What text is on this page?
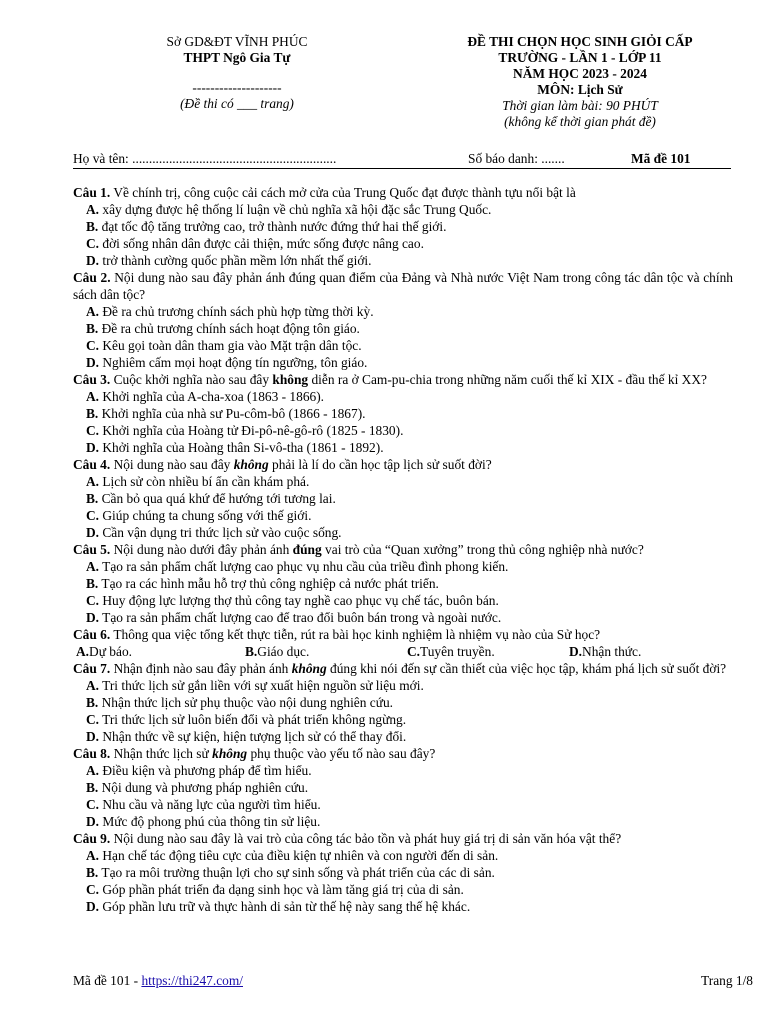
Sở GD&ĐT VĨNH PHÚC
THPT Ngô Gia Tự
--------------------
(Đề thi có ___ trang)
ĐỀ THI CHỌN HỌC SINH GIỎI CẤP
TRƯỜNG - LẦN 1 - LỚP 11
NĂM HỌC 2023 - 2024
MÔN: Lịch Sử
Thời gian làm bài: 90 PHÚT
(không kể thời gian phát đề)
Họ và tên: .............................................................	Số báo danh: .......	Mã đề 101
Câu 1. Về chính trị, công cuộc cải cách mở cửa của Trung Quốc đạt được thành tựu nổi bật là
A. xây dựng được hệ thống lí luận về chủ nghĩa xã hội đặc sắc Trung Quốc.
B. đạt tốc độ tăng trưởng cao, trở thành nước đứng thứ hai thế giới.
C. đời sống nhân dân được cải thiện, mức sống được nâng cao.
D. trở thành cường quốc phần mềm lớn nhất thế giới.
Câu 2. Nội dung nào sau đây phản ánh đúng quan điểm của Đảng và Nhà nước Việt Nam trong công tác dân tộc và chính sách dân tộc?
A. Đề ra chủ trương chính sách phù hợp từng thời kỳ.
B. Đề ra chủ trương chính sách hoạt động tôn giáo.
C. Kêu gọi toàn dân tham gia vào Mặt trận dân tộc.
D. Nghiêm cấm mọi hoạt động tín ngưỡng, tôn giáo.
Câu 3. Cuộc khởi nghĩa nào sau đây không diễn ra ở Cam-pu-chia trong những năm cuối thế kỉ XIX - đầu thế kỉ XX?
A. Khởi nghĩa của A-cha-xoa (1863 - 1866).
B. Khởi nghĩa của nhà sư Pu-côm-bô (1866 - 1867).
C. Khởi nghĩa của Hoàng tử Đi-pô-nê-gô-rô (1825 - 1830).
D. Khởi nghĩa của Hoàng thân Si-vô-tha (1861 - 1892).
Câu 4. Nội dung nào sau đây không phải là lí do cần học tập lịch sử suốt đời?
A. Lịch sử còn nhiều bí ẩn cần khám phá.
B. Cần bỏ qua quá khứ để hướng tới tương lai.
C. Giúp chúng ta chung sống với thế giới.
D. Cần vận dụng tri thức lịch sử vào cuộc sống.
Câu 5. Nội dung nào dưới đây phản ánh đúng vai trò của “Quan xưởng” trong thủ công nghiệp nhà nước?
A. Tạo ra sản phẩm chất lượng cao phục vụ nhu cầu của triều đình phong kiến.
B. Tạo ra các hình mẫu hỗ trợ thủ công nghiệp cả nước phát triển.
C. Huy động lực lượng thợ thủ công tay nghề cao phục vụ chế tác, buôn bán.
D. Tạo ra sản phẩm chất lượng cao để trao đổi buôn bán trong và ngoài nước.
Câu 6. Thông qua việc tổng kết thực tiễn, rút ra bài học kinh nghiệm là nhiệm vụ nào của Sử học?
A. Dự báo.	B. Giáo dục.	C. Tuyên truyền.	D. Nhận thức.
Câu 7. Nhận định nào sau đây phản ánh không đúng khi nói đến sự cần thiết của việc học tập, khám phá lịch sử suốt đời?
A. Tri thức lịch sử gắn liền với sự xuất hiện nguồn sử liệu mới.
B. Nhận thức lịch sử phụ thuộc vào nội dung nghiên cứu.
C. Tri thức lịch sử luôn biến đổi và phát triển không ngừng.
D. Nhận thức về sự kiện, hiện tượng lịch sử có thể thay đổi.
Câu 8. Nhận thức lịch sử không phụ thuộc vào yếu tố nào sau đây?
A. Điều kiện và phương pháp để tìm hiểu.
B. Nội dung và phương pháp nghiên cứu.
C. Nhu cầu và năng lực của người tìm hiểu.
D. Mức độ phong phú của thông tin sử liệu.
Câu 9. Nội dung nào sau đây là vai trò của công tác bảo tồn và phát huy giá trị di sản văn hóa vật thể?
A. Hạn chế tác động tiêu cực của điều kiện tự nhiên và con người đến di sản.
B. Tạo ra môi trường thuận lợi cho sự sinh sống và phát triển của các di sản.
C. Góp phần phát triển đa dạng sinh học và làm tăng giá trị của di sản.
D. Góp phần lưu trữ và thực hành di sản từ thế hệ này sang thế hệ khác.
Mã đề 101 - https://thi247.com/	Trang 1/8
